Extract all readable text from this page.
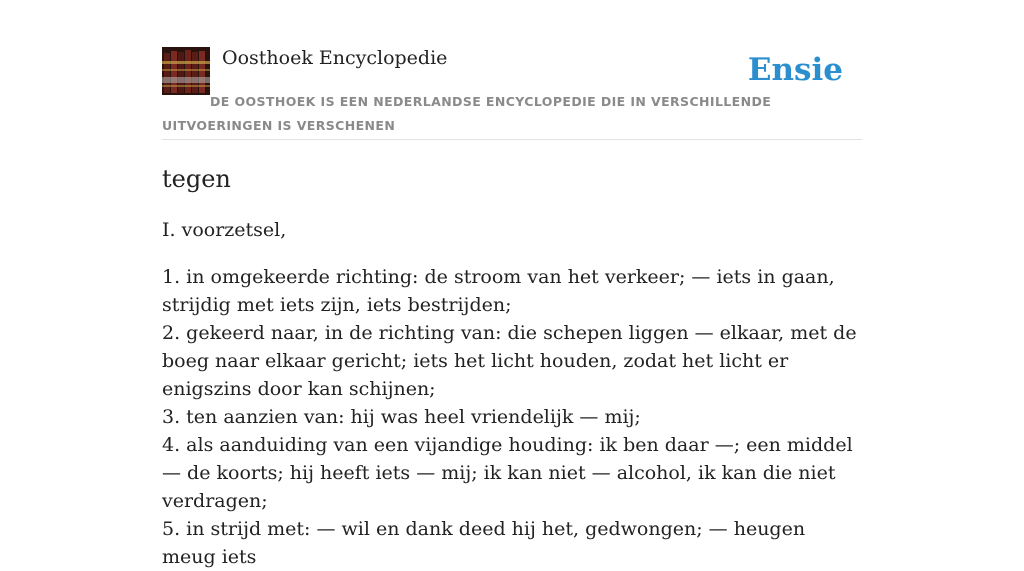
Oosthoek Encyclopedie	Ensie
DE OOSTHOEK IS EEN NEDERLANDSE ENCYCLOPEDIE DIE IN VERSCHILLENDE UITVOERINGEN IS VERSCHENEN
tegen
I. voorzetsel,
1. in omgekeerde richting: de stroom van het verkeer; — iets in gaan, strijdig met iets zijn, iets bestrijden;
2. gekeerd naar, in de richting van: die schepen liggen — elkaar, met de boeg naar elkaar gericht; iets het licht houden, zodat het licht er enigszins door kan schijnen;
3. ten aanzien van: hij was heel vriendelijk — mij;
4. als aanduiding van een vijandige houding: ik ben daar —; een middel — de koorts; hij heeft iets — mij; ik kan niet — alcohol, ik kan die niet verdragen;
5. in strijd met: — wil en dank deed hij het, gedwongen; — heugen meug iets
